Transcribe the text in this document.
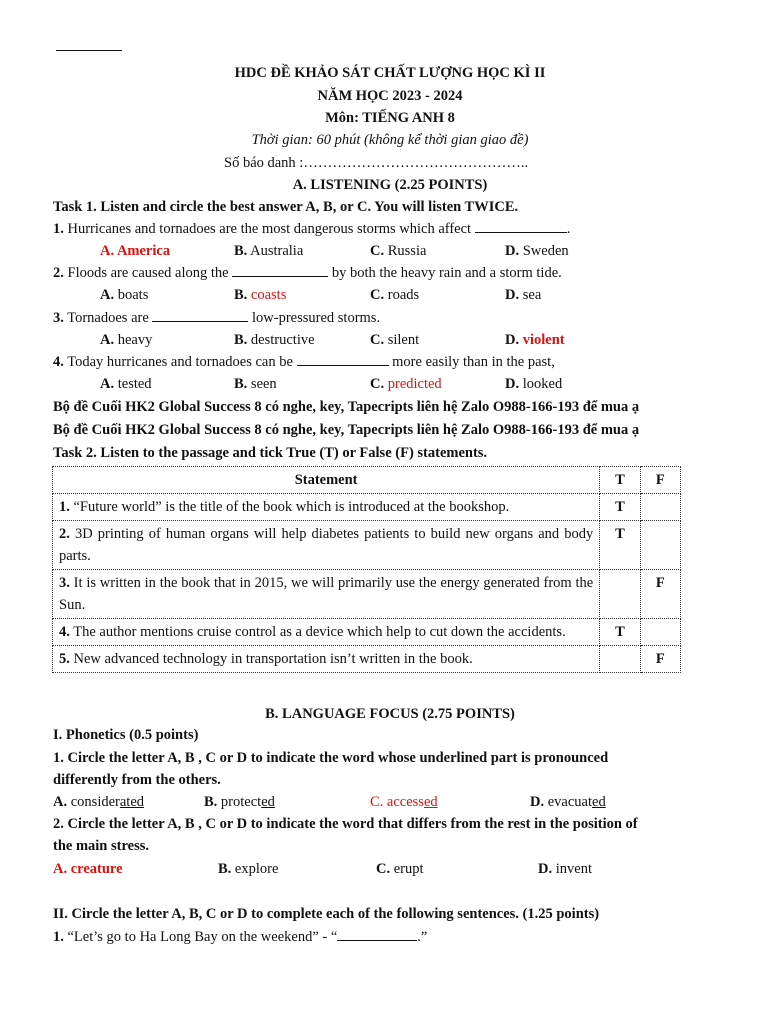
HDC ĐỀ KHẢO SÁT CHẤT LƯỢNG HỌC KÌ II
NĂM HỌC 2023 - 2024
Môn: TIẾNG ANH 8
Thời gian: 60 phút (không kể thời gian giao đề)
Số báo danh :………………………………………..
A. LISTENING (2.25 POINTS)
Task 1. Listen and circle the best answer A, B, or C. You will listen TWICE.
1. Hurricanes and tornadoes are the most dangerous storms which affect	.
A. America	B. Australia	C. Russia	D. Sweden
2. Floods are caused along the	by both the heavy rain and a storm tide.
A. boats	B. coasts	C. roads	D. sea
3. Tornadoes are	low-pressured storms.
A. heavy	B. destructive	C. silent	D. violent
4. Today hurricanes and tornadoes can be	more easily than in the past,
A. tested	B. seen	C. predicted	D. looked
Bộ đề Cuối HK2 Global Success 8 có nghe, key, Tapecripts liên hệ Zalo O988-166-193 để mua ạ
Bộ đề Cuối HK2 Global Success 8 có nghe, key, Tapecripts liên hệ Zalo O988-166-193 để mua ạ
Task 2. Listen to the passage and tick True (T) or False (F) statements.
Statement	T	F
1. “Future world” is the title of the book which is introduced at the bookshop.	T	
2. 3D printing of human organs will help diabetes patients to build new organs and body parts.	T	
3. It is written in the book that in 2015, we will primarily use the energy generated from the Sun.		F
4. The author mentions cruise control as a device which help to cut down the accidents.	T	
5. New advanced technology in transportation isn’t written in the book.		F
B. LANGUAGE FOCUS (2.75 POINTS)
I. Phonetics (0.5 points)
1. Circle the letter A, B , C or D to indicate the word whose underlined part is pronounced
differently from the others.
A. considerated	B. protected	C. accessed	D. evacuated
2. Circle the letter A, B , C or D to indicate the word that differs from the rest in the position of
the main stress.
A. creature	B. explore	C. erupt	D. invent
II. Circle the letter A, B, C or D to complete each of the following sentences. (1.25 points)
1. “Let’s go to Ha Long Bay on the weekend” - “	.”
